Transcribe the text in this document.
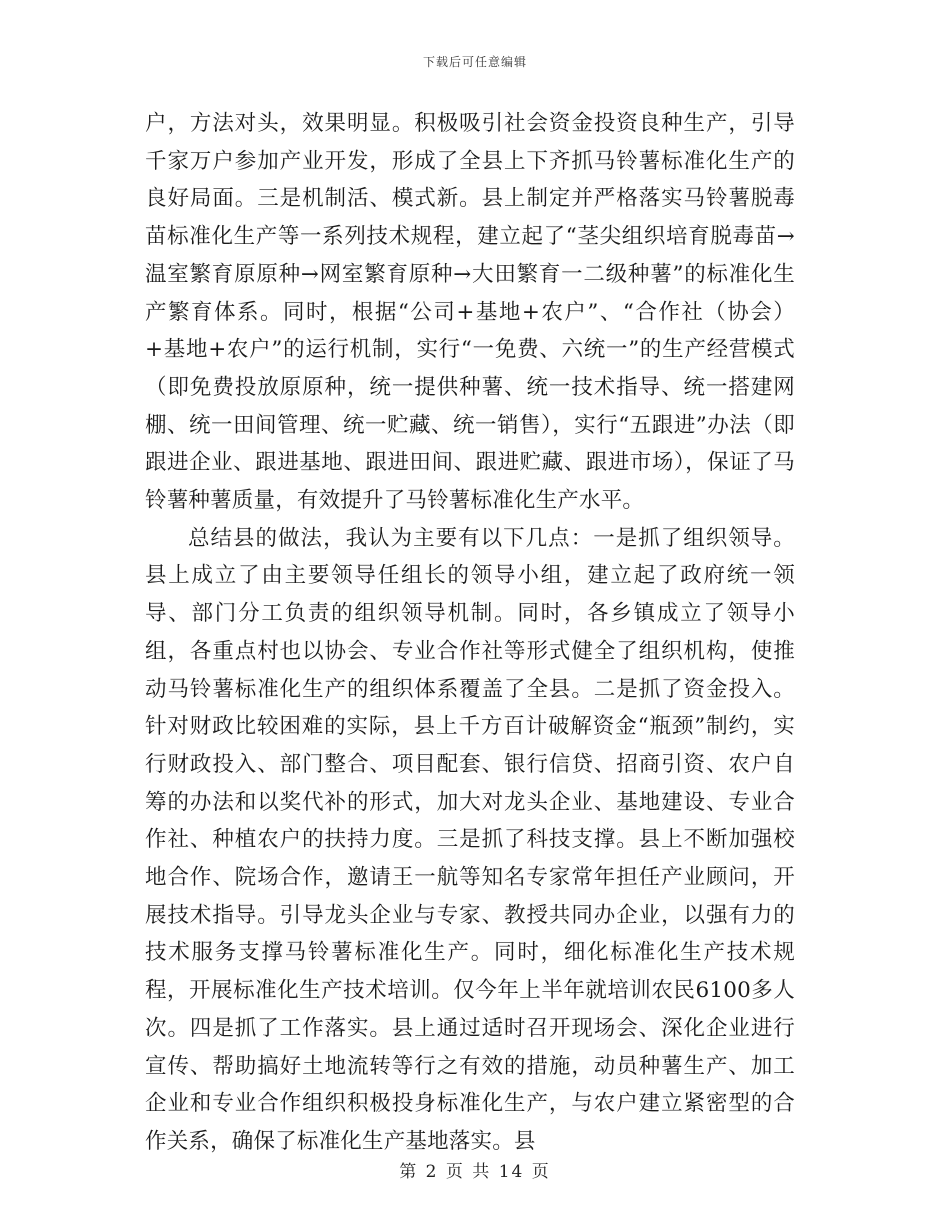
下载后可任意编辑

户，方法对头，效果明显。积极吸引社会资金投资良种生产，引导千家万户参加产业开发，形成了全县上下齐抓马铃薯标准化生产的良好局面。三是机制活、模式新。县上制定并严格落实马铃薯脱毒苗标准化生产等一系列技术规程，建立起了“茎尖组织培育脱毒苗→温室繁育原原种→网室繁育原种→大田繁育一二级种薯”的标准化生产繁育体系。同时，根据“公司+基地+农户”、“合作社（协会）+基地+农户”的运行机制，实行“一免费、六统一”的生产经营模式（即免费投放原原种，统一提供种薯、统一技术指导、统一搭建网棚、统一田间管理、统一贮藏、统一销售），实行“五跟进”办法（即跟进企业、跟进基地、跟进田间、跟进贮藏、跟进市场），保证了马铃薯种薯质量，有效提升了马铃薯标准化生产水平。

总结县的做法，我认为主要有以下几点：一是抓了组织领导。县上成立了由主要领导任组长的领导小组，建立起了政府统一领导、部门分工负责的组织领导机制。同时，各乡镇成立了领导小组，各重点村也以协会、专业合作社等形式健全了组织机构，使推动马铃薯标准化生产的组织体系覆盖了全县。二是抓了资金投入。针对财政比较困难的实际，县上千方百计破解资金“瓶颈”制约，实行财政投入、部门整合、项目配套、银行信贷、招商引资、农户自筹的办法和以奖代补的形式，加大对龙头企业、基地建设、专业合作社、种植农户的扶持力度。三是抓了科技支撑。县上不断加强校地合作、院场合作，邀请王一航等知名专家常年担任产业顾问，开展技术指导。引导龙头企业与专家、教授共同办企业，以强有力的技术服务支撑马铃薯标准化生产。同时，细化标准化生产技术规程，开展标准化生产技术培训。仅今年上半年就培训农民6100多人次。四是抓了工作落实。县上通过适时召开现场会、深化企业进行宣传、帮助搞好土地流转等行之有效的措施，动员种薯生产、加工企业和专业合作组织积极投身标准化生产，与农户建立紧密型的合作关系，确保了标准化生产基地落实。县

第 2 页 共 14 页
